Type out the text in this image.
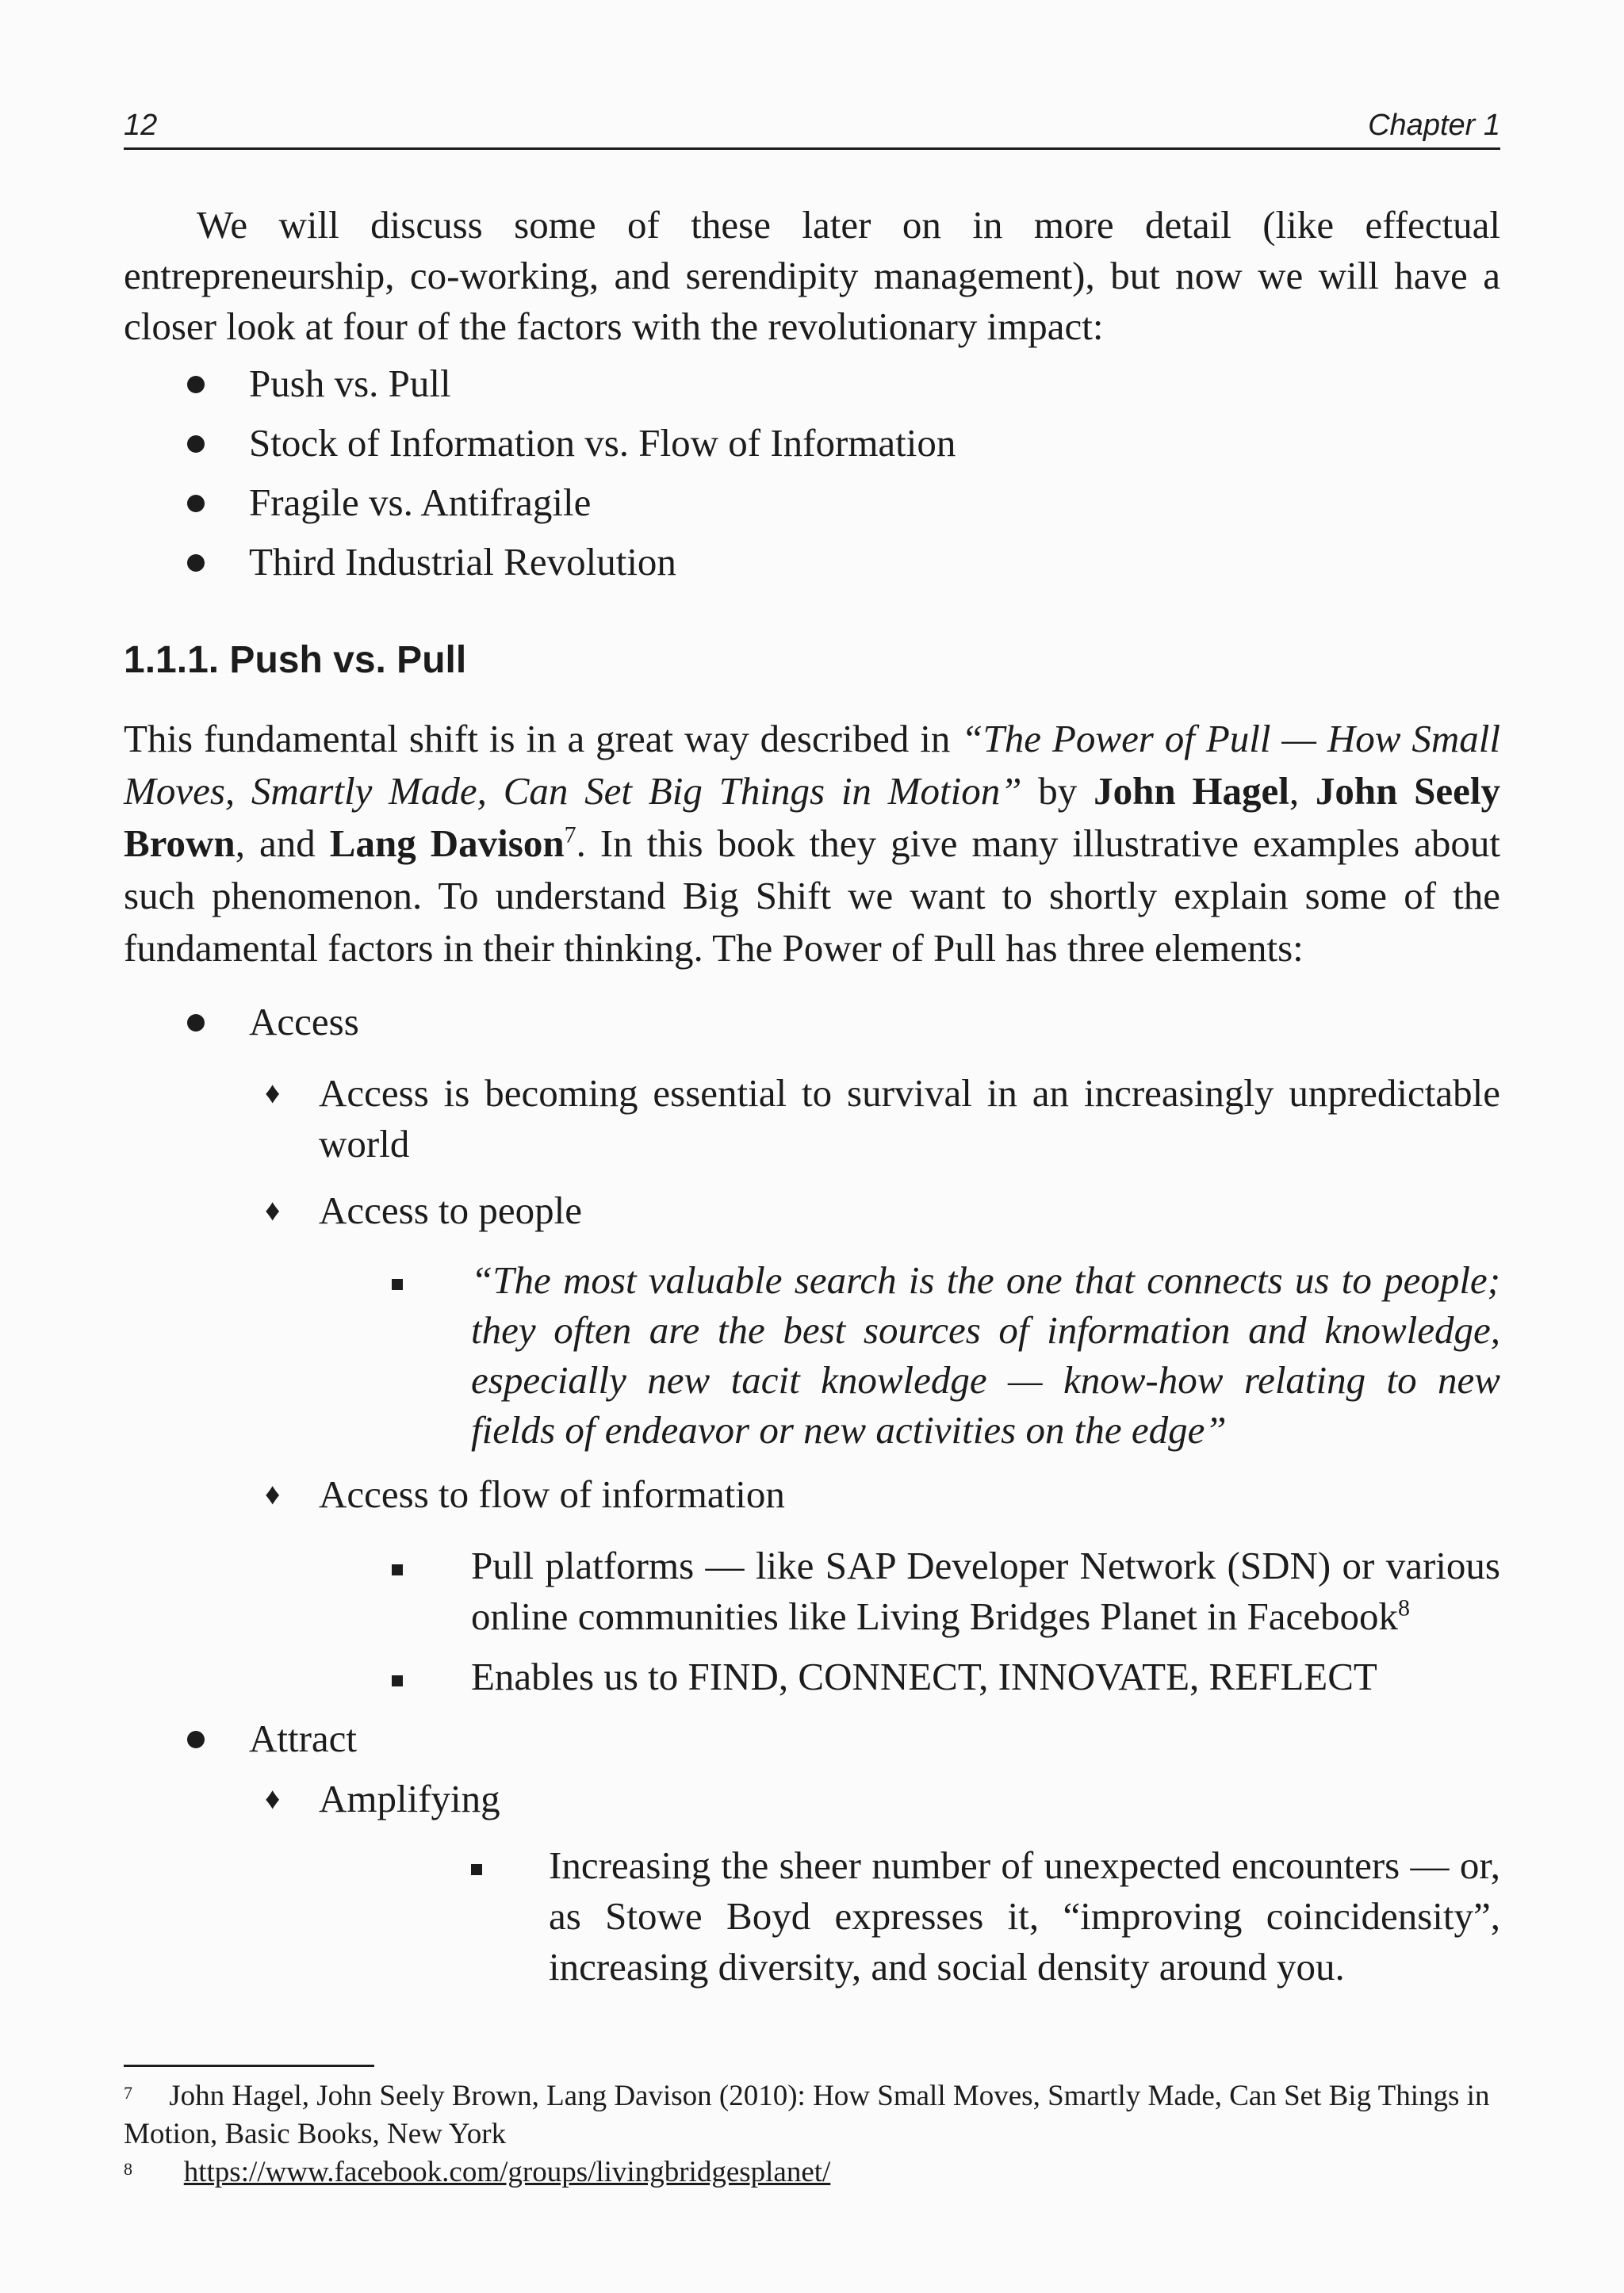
12	Chapter 1

We will discuss some of these later on in more detail (like effectual entrepreneurship, co-working, and serendipity management), but now we will have a closer look at four of the factors with the revolutionary impact:

Push vs. Pull
Stock of Information vs. Flow of Information
Fragile vs. Antifragile
Third Industrial Revolution
1.1.1. Push vs. Pull

This fundamental shift is in a great way described in “The Power of Pull — How Small Moves, Smartly Made, Can Set Big Things in Motion” by John Hagel, John Seely Brown, and Lang Davison$^7$. In this book they give many illustrative examples about such phenomenon. To understand Big Shift we want to shortly explain some of the fundamental factors in their thinking. The Power of Pull has three elements:

Access
♦ Access is becoming essential to survival in an increasingly unpredictable world
♦ Access to people
“The most valuable search is the one that connects us to people; they often are the best sources of information and knowledge, especially new tacit knowledge — know-how relating to new fields of endeavor or new activities on the edge”
♦ Access to flow of information
Pull platforms — like SAP Developer Network (SDN) or various online communities like Living Bridges Planet in Facebook$^8$
Enables us to FIND, CONNECT, INNOVATE, REFLECT
Attract
♦ Amplifying
Increasing the sheer number of unexpected encounters — or, as Stowe Boyd expresses it, “improving coincidensity”, increasing diversity, and social density around you.
$^7$ John Hagel, John Seely Brown, Lang Davison (2010): How Small Moves, Smartly Made, Can Set Big Things in Motion, Basic Books, New York
$^8$ https://www.facebook.com/groups/livingbridgesplanet/
